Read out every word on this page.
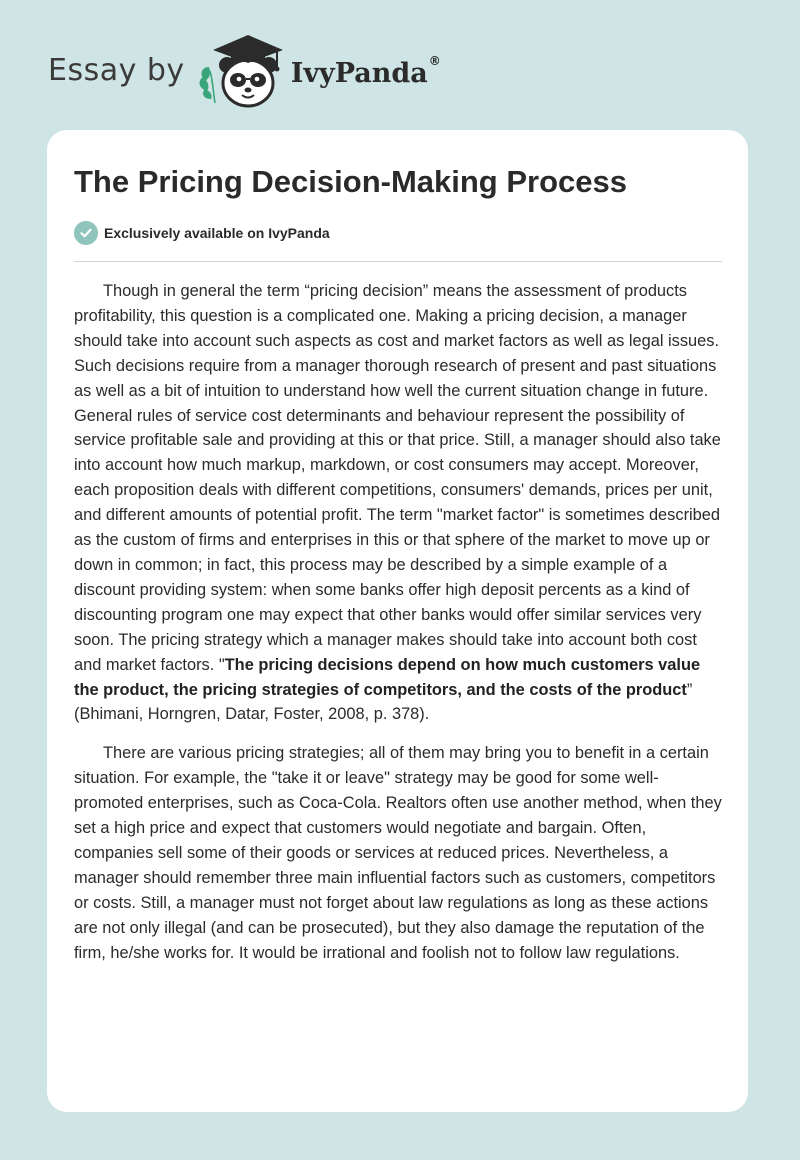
Essay by	IvyPanda®
The Pricing Decision-Making Process
Exclusively available on IvyPanda

Though in general the term “pricing decision” means the assessment of products profitability, this question is a complicated one. Making a pricing decision, a manager should take into account such aspects as cost and market factors as well as legal issues. Such decisions require from a manager thorough research of present and past situations as well as a bit of intuition to understand how well the current situation change in future. General rules of service cost determinants and behaviour represent the possibility of service profitable sale and providing at this or that price. Still, a manager should also take into account how much markup, markdown, or cost consumers may accept. Moreover, each proposition deals with different competitions, consumers' demands, prices per unit, and different amounts of potential profit. The term "market factor" is sometimes described as the custom of firms and enterprises in this or that sphere of the market to move up or down in common; in fact, this process may be described by a simple example of a discount providing system: when some banks offer high deposit percents as a kind of discounting program one may expect that other banks would offer similar services very soon. The pricing strategy which a manager makes should take into account both cost and market factors. "The pricing decisions depend on how much customers value the product, the pricing strategies of competitors, and the costs of the product” (Bhimani, Horngren, Datar, Foster, 2008, p. 378).

There are various pricing strategies; all of them may bring you to benefit in a certain situation. For example, the "take it or leave" strategy may be good for some well-promoted enterprises, such as Coca-Cola. Realtors often use another method, when they set a high price and expect that customers would negotiate and bargain. Often, companies sell some of their goods or services at reduced prices. Nevertheless, a manager should remember three main influential factors such as customers, competitors or costs. Still, a manager must not forget about law regulations as long as these actions are not only illegal (and can be prosecuted), but they also damage the reputation of the firm, he/she works for. It would be irrational and foolish not to follow law regulations.
